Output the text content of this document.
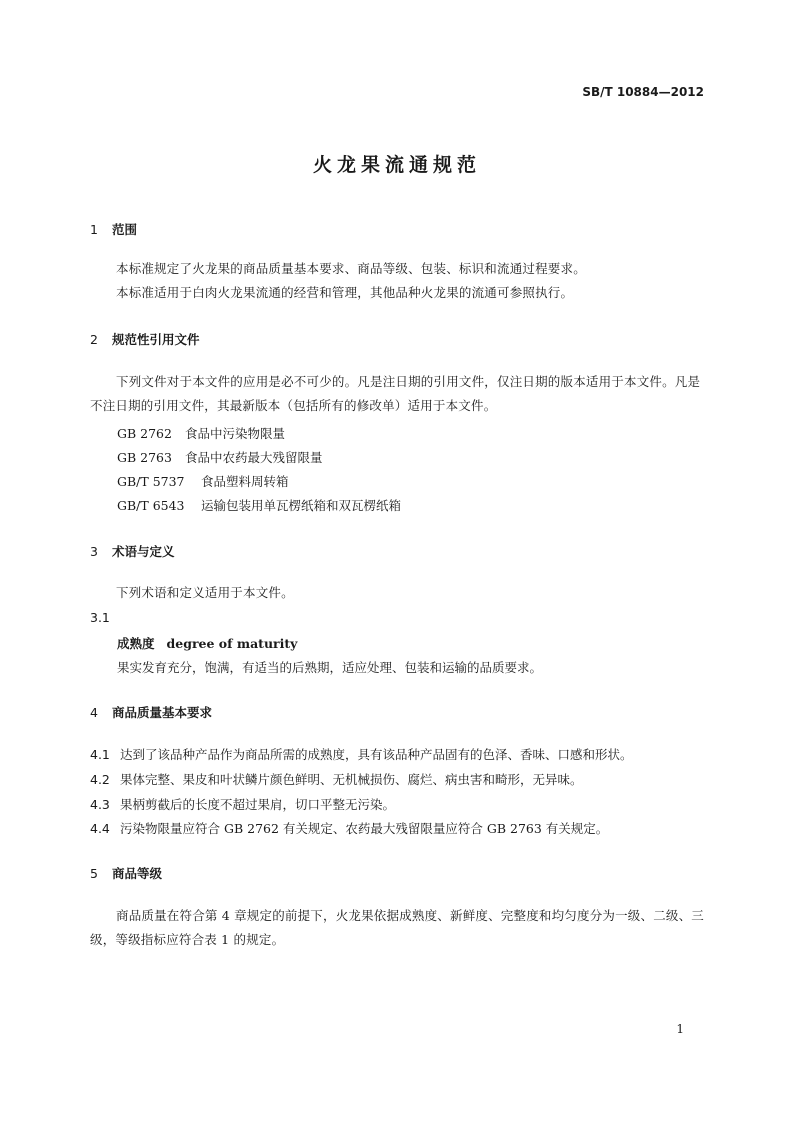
SB/T 10884—2012
火龙果流通规范
1 范围
本标准规定了火龙果的商品质量基本要求、商品等级、包装、标识和流通过程要求。
本标准适用于白肉火龙果流通的经营和管理，其他品种火龙果的流通可参照执行。
2 规范性引用文件
下列文件对于本文件的应用是必不可少的。凡是注日期的引用文件，仅注日期的版本适用于本文件。凡是不注日期的引用文件，其最新版本（包括所有的修改单）适用于本文件。
GB 2762 食品中污染物限量
GB 2763 食品中农药最大残留限量
GB/T 5737 食品塑料周转箱
GB/T 6543 运输包装用单瓦楞纸箱和双瓦楞纸箱
3 术语与定义
下列术语和定义适用于本文件。
3.1
成熟度 degree of maturity
果实发育充分，饱满，有适当的后熟期，适应处理、包装和运输的品质要求。
4 商品质量基本要求
4.1 达到了该品种产品作为商品所需的成熟度，具有该品种产品固有的色泽、香味、口感和形状。
4.2 果体完整、果皮和叶状鳞片颜色鲜明、无机械损伤、腐烂、病虫害和畸形，无异味。
4.3 果柄剪截后的长度不超过果肩，切口平整无污染。
4.4 污染物限量应符合 GB 2762 有关规定、农药最大残留限量应符合 GB 2763 有关规定。
5 商品等级
商品质量在符合第 4 章规定的前提下，火龙果依据成熟度、新鲜度、完整度和均匀度分为一级、二级、三级，等级指标应符合表 1 的规定。
1
